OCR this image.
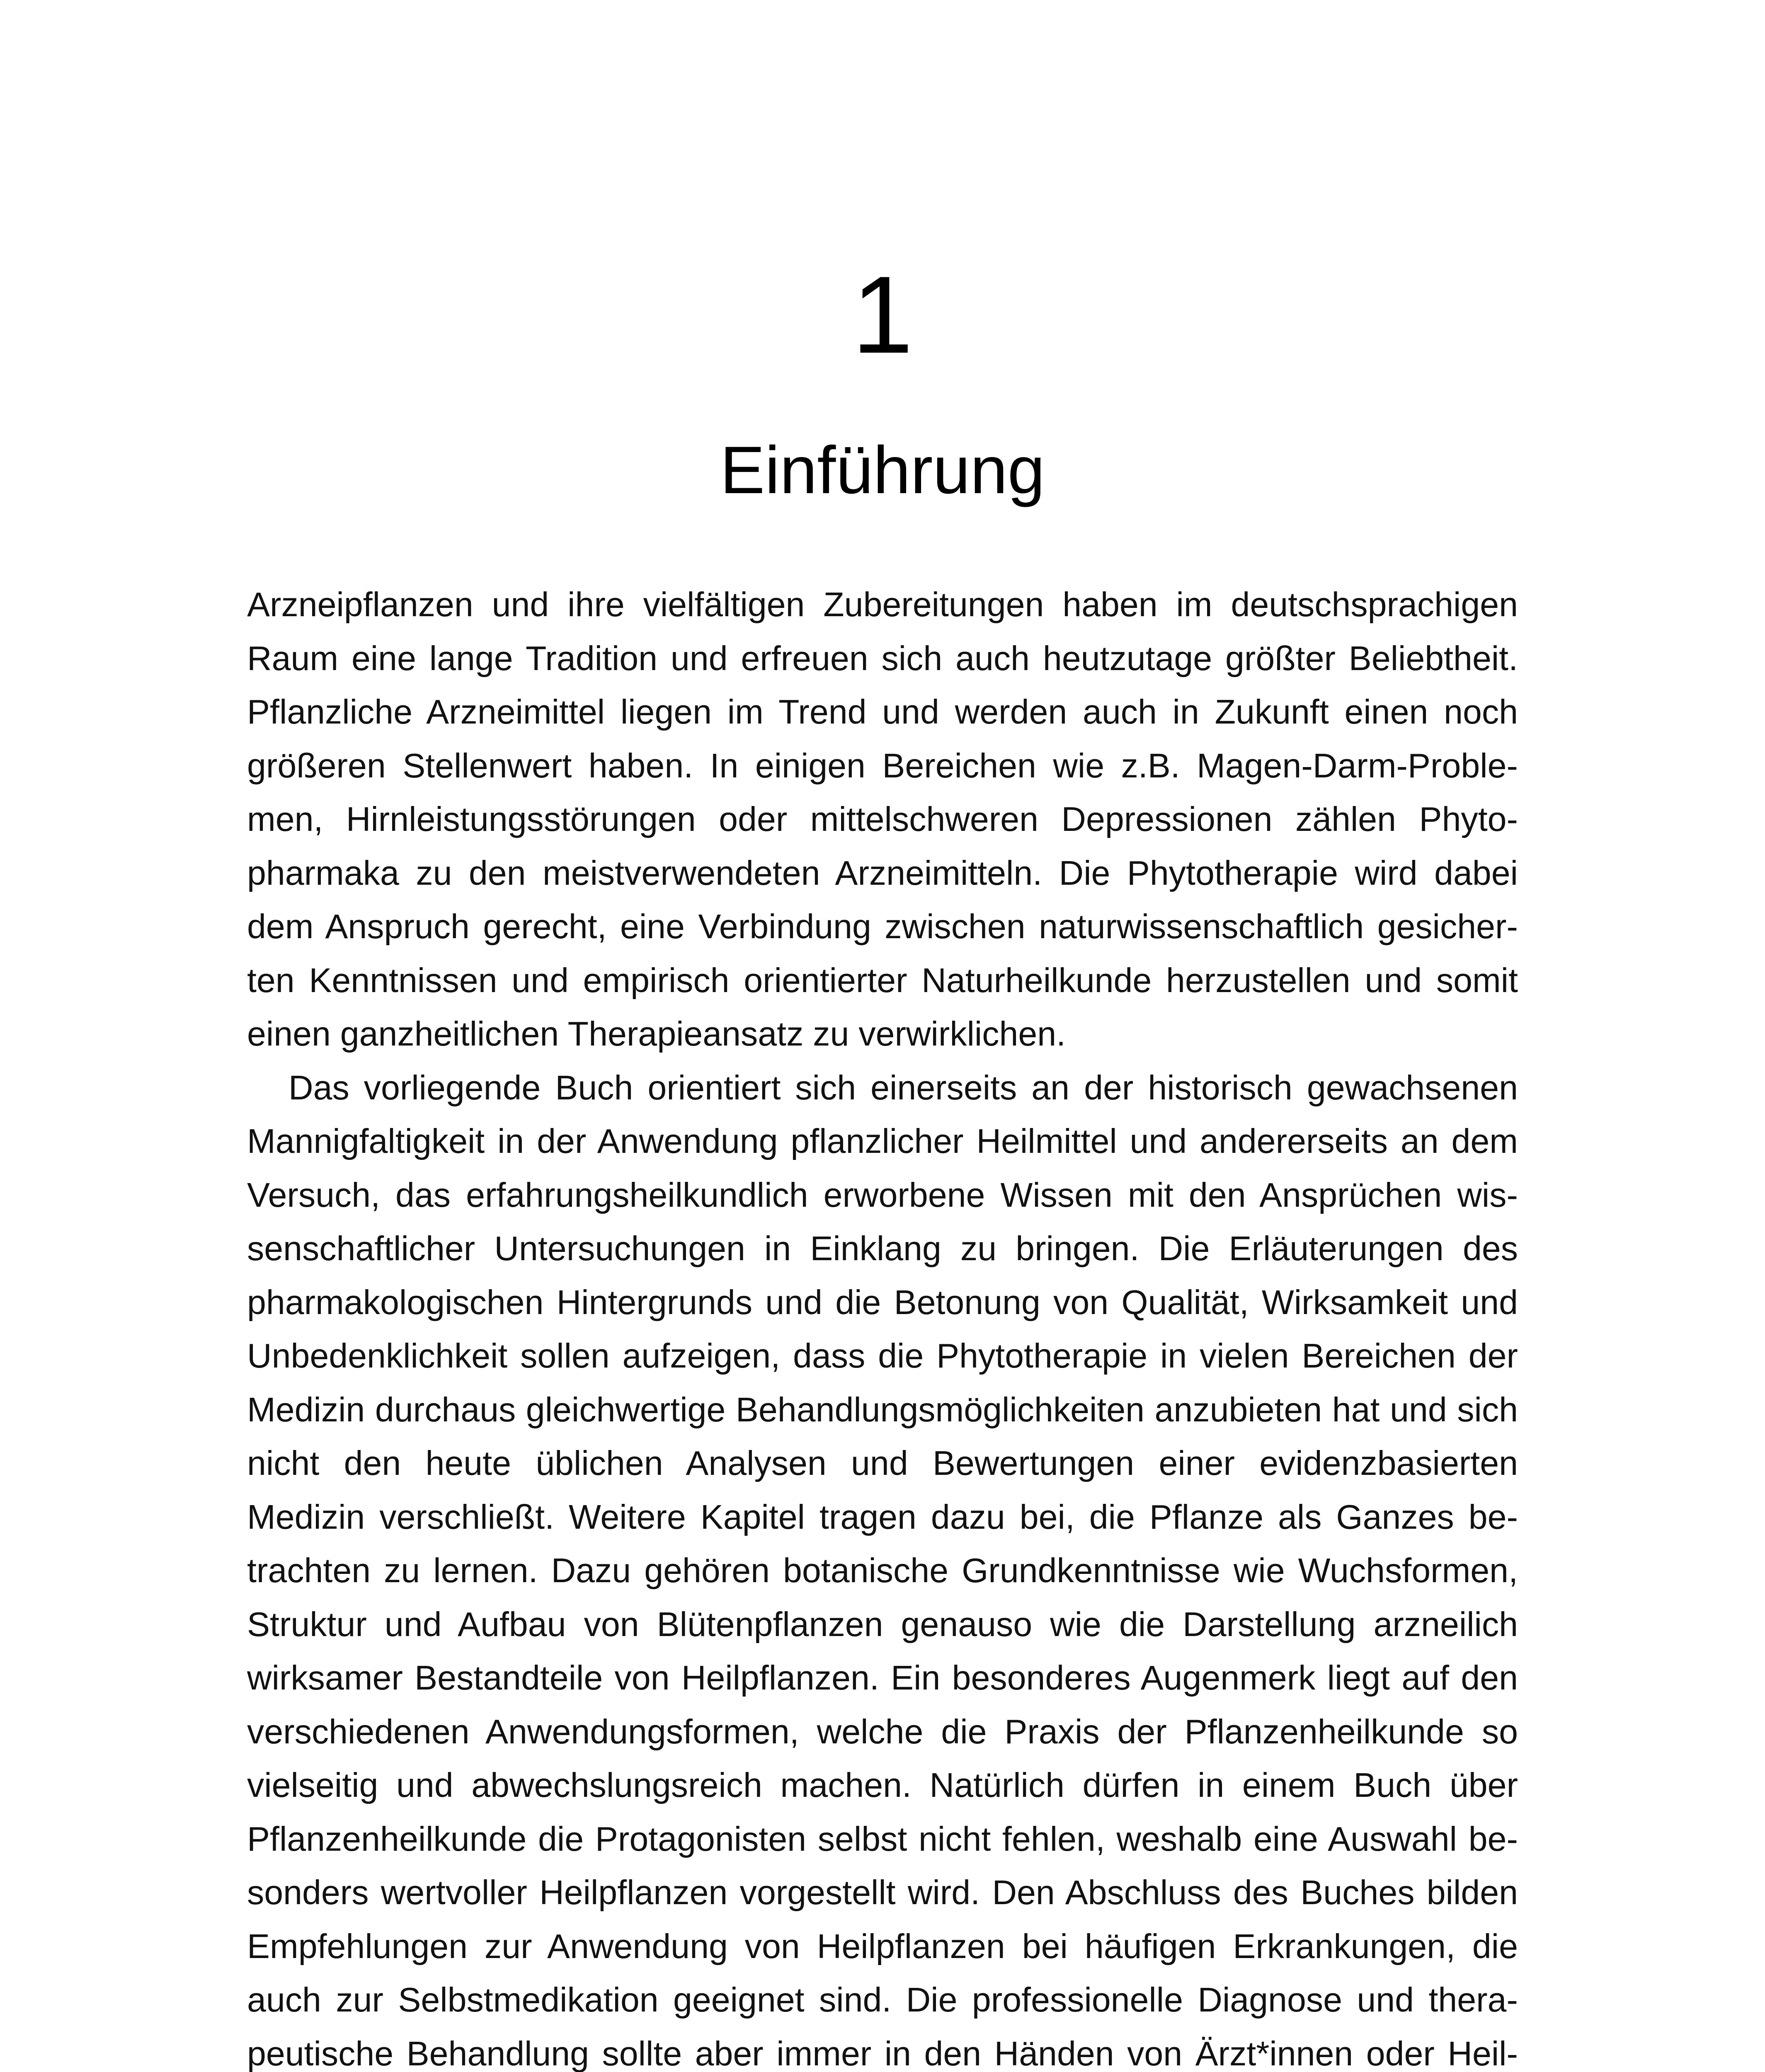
1
Einführung

Arzneipflanzen und ihre vielfältigen Zubereitungen haben im deutschsprachigen Raum eine lange Tradition und erfreuen sich auch heutzutage größter Beliebtheit. Pflanzliche Arzneimittel liegen im Trend und werden auch in Zukunft einen noch größeren Stellenwert haben. In einigen Bereichen wie z.B. Magen-Darm-Problemen, Hirnleistungsstörungen oder mittelschweren Depressionen zählen Phytopharmaka zu den meistverwendeten Arzneimitteln. Die Phytotherapie wird dabei dem Anspruch gerecht, eine Verbindung zwischen naturwissenschaftlich gesicherten Kenntnissen und empirisch orientierter Naturheilkunde herzustellen und somit einen ganzheitlichen Therapieansatz zu verwirklichen.

Das vorliegende Buch orientiert sich einerseits an der historisch gewachsenen Mannigfaltigkeit in der Anwendung pflanzlicher Heilmittel und andererseits an dem Versuch, das erfahrungsheilkundlich erworbene Wissen mit den Ansprüchen wissenschaftlicher Untersuchungen in Einklang zu bringen. Die Erläuterungen des pharmakologischen Hintergrunds und die Betonung von Qualität, Wirksamkeit und Unbedenklichkeit sollen aufzeigen, dass die Phytotherapie in vielen Bereichen der Medizin durchaus gleichwertige Behandlungsmöglichkeiten anzubieten hat und sich nicht den heute üblichen Analysen und Bewertungen einer evidenzbasierten Medizin verschließt. Weitere Kapitel tragen dazu bei, die Pflanze als Ganzes betrachten zu lernen. Dazu gehören botanische Grundkenntnisse wie Wuchsformen, Struktur und Aufbau von Blütenpflanzen genauso wie die Darstellung arzneilich wirksamer Bestandteile von Heilpflanzen. Ein besonderes Augenmerk liegt auf den verschiedenen Anwendungsformen, welche die Praxis der Pflanzenheilkunde so vielseitig und abwechslungsreich machen. Natürlich dürfen in einem Buch über Pflanzenheilkunde die Protagonisten selbst nicht fehlen, weshalb eine Auswahl besonders wertvoller Heilpflanzen vorgestellt wird. Den Abschluss des Buches bilden Empfehlungen zur Anwendung von Heilpflanzen bei häufigen Erkrankungen, die auch zur Selbstmedikation geeignet sind. Die professionelle Diagnose und therapeutische Behandlung sollte aber immer in den Händen von Ärzt*innen oder Heil
